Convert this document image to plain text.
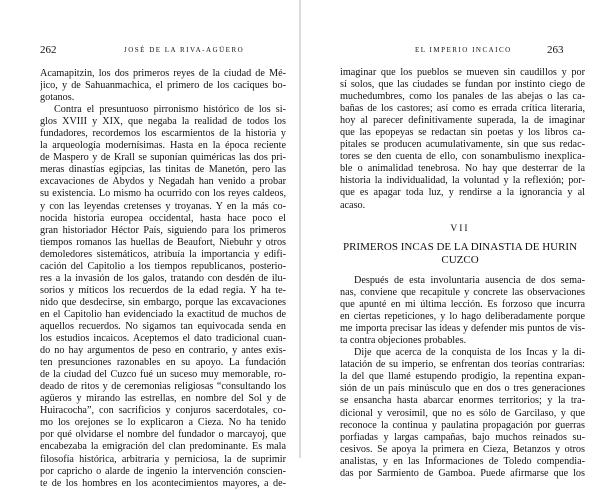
262	JOSÉ DE LA RIVA-AGÜERO
Acamapitzin, los dos primeros reyes de la ciudad de Mé-
jico, y de Sahuanmachica, el primero de los caciques bo-
gotanos.
Contra el presuntuoso pirronismo histórico de los si-
glos XVIII y XIX, que negaba la realidad de todos los
fundadores, recordemos los escarmientos de la historia y
la arqueología modernísimas. Hasta en la época reciente
de Maspero y de Krall se suponían quiméricas las dos pri-
meras dinastías egipcias, las tinitas de Manetón, pero las
excavaciones de Abydos y Negadah han venido a probar
su existencia. Lo mismo ha ocurrido con los reyes caldeos,
y con las leyendas cretenses y troyanas. Y en la más co-
nocida historia europea occidental, hasta hace poco el
gran historiador Héctor País, siguiendo para los primeros
tiempos romanos las huellas de Beaufort, Niebuhr y otros
demoledores sistemáticos, atribuía la importancia y edifi-
cación del Capitolio a los tiempos republicanos, posterio-
res a la invasión de los galos, tratando con desdén de ilu-
sorios y míticos los recuerdos de la edad regia. Y ha te-
nido que desdecirse, sin embargo, porque las excavaciones
en el Capitolio han evidenciado la exactitud de muchos de
aquellos recuerdos. No sigamos tan equivocada senda en
los estudios incaicos. Aceptemos el dato tradicional cuan-
do no hay argumentos de peso en contrario, y antes exis-
ten presunciones razonables en su apoyo. La fundación
de la ciudad del Cuzco fué un suceso muy memorable, ro-
deado de ritos y de ceremonias religiosas “consultando los
agüeros y mirando las estrellas, en nombre del Sol y de
Huiracocha”, con sacrificios y conjuros sacerdotales, co-
mo los orejones se lo explicaron a Cieza. No ha tenido
por qué olvidarse el nombre del fundador o marcayoj, que
encabezaba la emigración del clan predominante. Es mala
filosofía histórica, arbitraria y perniciosa, la de suprimir
por capricho o alarde de ingenio la intervención conscien-
te de los hombres en los acontecimientos mayores, a de-
EL IMPERIO INCAICO	263
imaginar que los pueblos se mueven sin caudillos y por
sí solos, que las ciudades se fundan por instinto ciego de
muchedumbres, como los panales de las abejas o las ca-
bañas de los castores; así como es errada crítica literaria,
hoy al parecer definitivamente superada, la de imaginar
que las epopeyas se redactan sin poetas y los libros ca-
pitales se producen acumulativamente, sin que sus redac-
tores se den cuenta de ello, con sonambulismo inexplica-
ble o animalidad tenebrosa. No hay que desterrar de la
historia la individualidad, la voluntad y la reflexión; por-
que es apagar toda luz, y rendirse a la ignorancia y al
acaso.
VII
PRIMEROS INCAS DE LA DINASTIA DE HURIN
CUZCO
Después de esta involuntaria ausencia de dos sema-
nas, conviene que recapitule y concrete las observaciones
que apunté en mi última lección. Es forzoso que incurra
en ciertas repeticiones, y lo hago deliberadamente porque
me importa precisar las ideas y defender mis puntos de vis-
ta contra objeciones probables.
Dije que acerca de la conquista de los Incas y la di-
latación de su imperio, se enfrentan dos teorías contrarias:
la del que llamé estupendo prodigio, la repentina expan-
sión de un país minúsculo que en dos o tres generaciones
se ensancha hasta abarcar enormes territorios; y la tra-
dicional y verosímil, que no es sólo de Garcilaso, y que
reconoce la continua y paulatina propagación por guerras
porfiadas y largas campañas, bajo muchos reinados su-
cesivos. Se apoya la primera en Cieza, Betanzos y otros
analistas, y en las Informaciones de Toledo compendia-
das por Sarmiento de Gamboa. Puede afirmarse que los
